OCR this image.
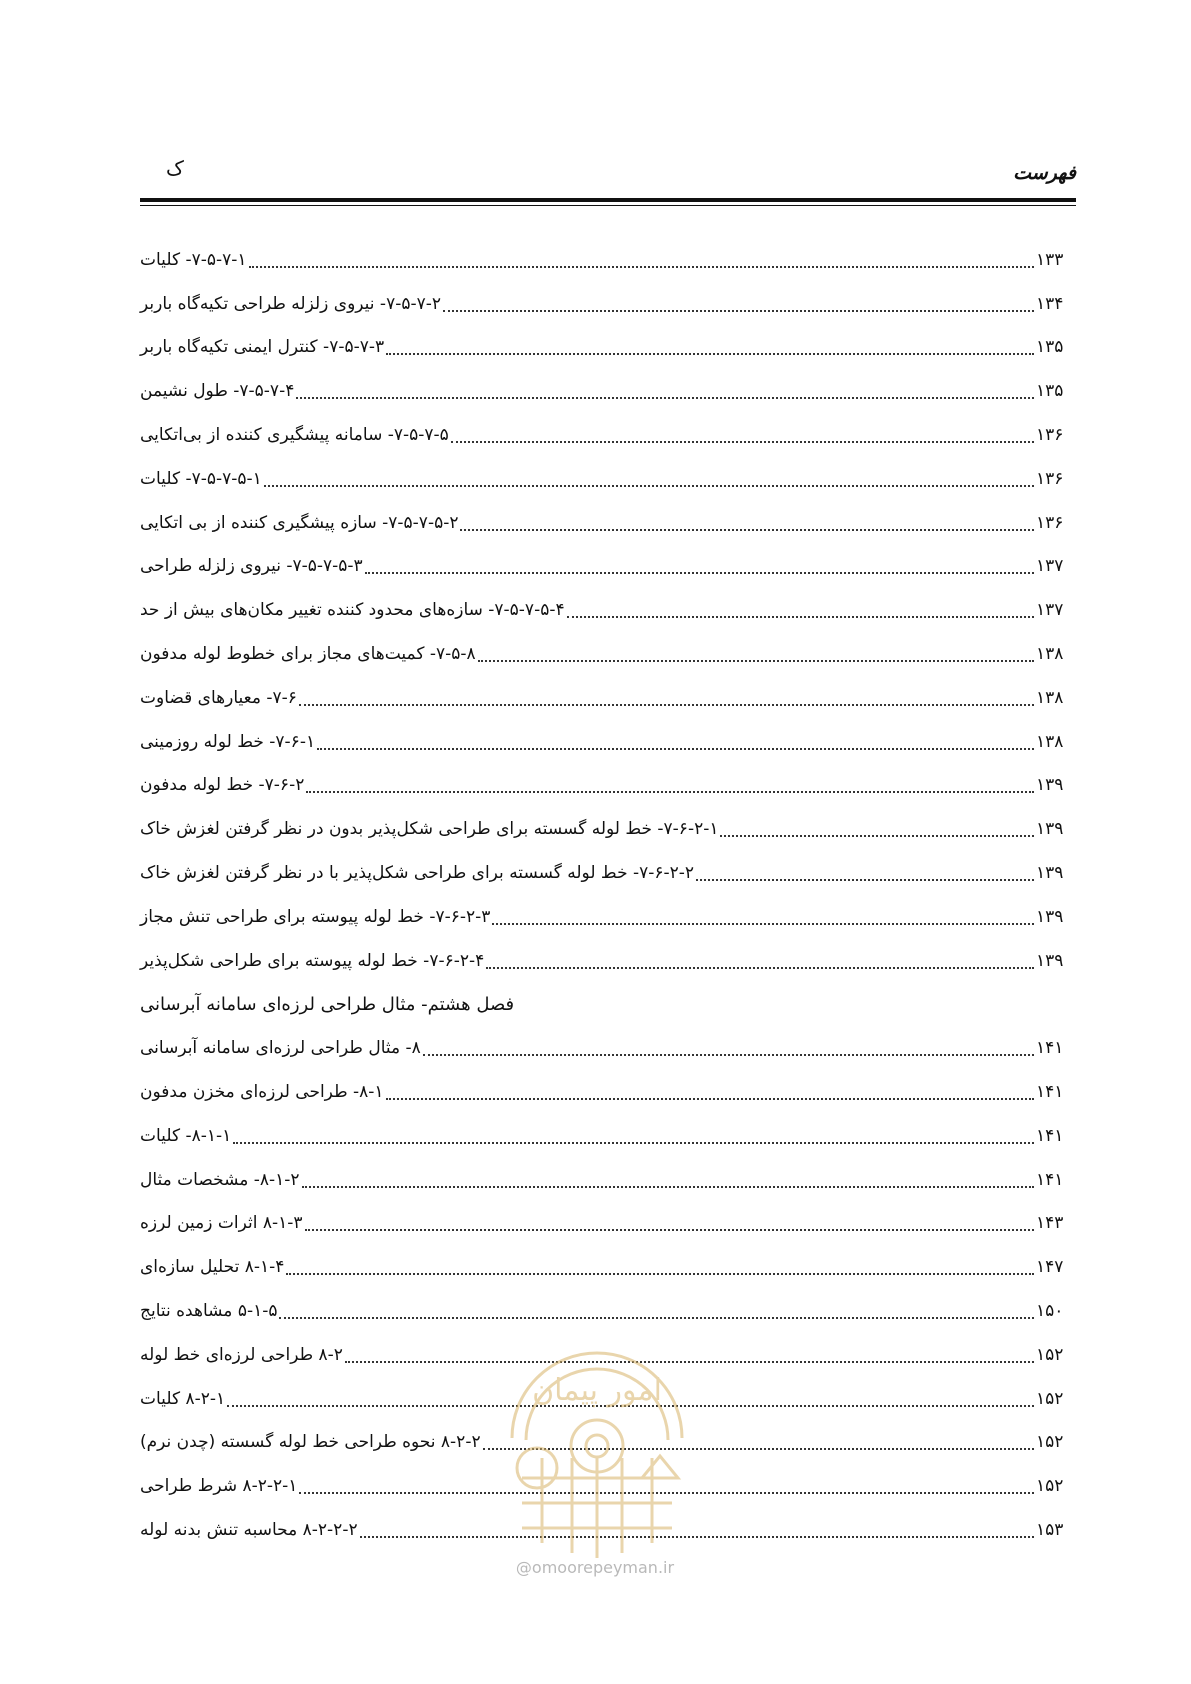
فهرست
ک
۷-۵-۷-۱- کلیات	۱۳۳
۷-۵-۷-۲- نیروی زلزله طراحی تکیه‌گاه باربر	۱۳۴
۷-۵-۷-۳- کنترل ایمنی تکیه‌گاه باربر	۱۳۵
۷-۵-۷-۴- طول نشیمن	۱۳۵
۷-۵-۷-۵- سامانه پیشگیری کننده از بی‌اتکایی	۱۳۶
۷-۵-۷-۵-۱- کلیات	۱۳۶
۷-۵-۷-۵-۲- سازه پیشگیری کننده از بی اتکایی	۱۳۶
۷-۵-۷-۵-۳- نیروی زلزله طراحی	۱۳۷
۷-۵-۷-۵-۴- سازه‌های محدود کننده تغییر مکان‌های بیش از حد	۱۳۷
۷-۵-۸- کمیت‌های مجاز برای خطوط لوله مدفون	۱۳۸
۷-۶- معیارهای قضاوت	۱۳۸
۷-۶-۱- خط لوله روزمینی	۱۳۸
۷-۶-۲- خط لوله مدفون	۱۳۹
۷-۶-۲-۱- خط لوله گسسته برای طراحی شکل‌پذیر بدون در نظر گرفتن لغزش خاک	۱۳۹
۷-۶-۲-۲- خط لوله گسسته برای طراحی شکل‌پذیر با در نظر گرفتن لغزش خاک	۱۳۹
۷-۶-۲-۳- خط لوله پیوسته برای طراحی تنش مجاز	۱۳۹
۷-۶-۲-۴- خط لوله پیوسته برای طراحی شکل‌پذیر	۱۳۹
فصل هشتم- مثال طراحی لرزه‌ای سامانه آبرسانی
۸- مثال طراحی لرزه‌ای سامانه آبرسانی	۱۴۱
۸-۱- طراحی لرزه‌ای مخزن مدفون	۱۴۱
۸-۱-۱- کلیات	۱۴۱
۸-۱-۲- مشخصات مثال	۱۴۱
۸-۱-۳ اثرات زمین لرزه	۱۴۳
۸-۱-۴ تحلیل سازه‌ای	۱۴۷
۵-۱-۵ مشاهده نتایج	۱۵۰
۸-۲ طراحی لرزه‌ای خط لوله	۱۵۲
۸-۲-۱ کلیات	۱۵۲
۸-۲-۲ نحوه طراحی خط لوله گسسته (چدن نرم)	۱۵۲
۸-۲-۲-۱ شرط طراحی	۱۵۲
۸-۲-۲-۲ محاسبه تنش بدنه لوله	۱۵۳
امور پیمان
@omoorepeyman.ir
